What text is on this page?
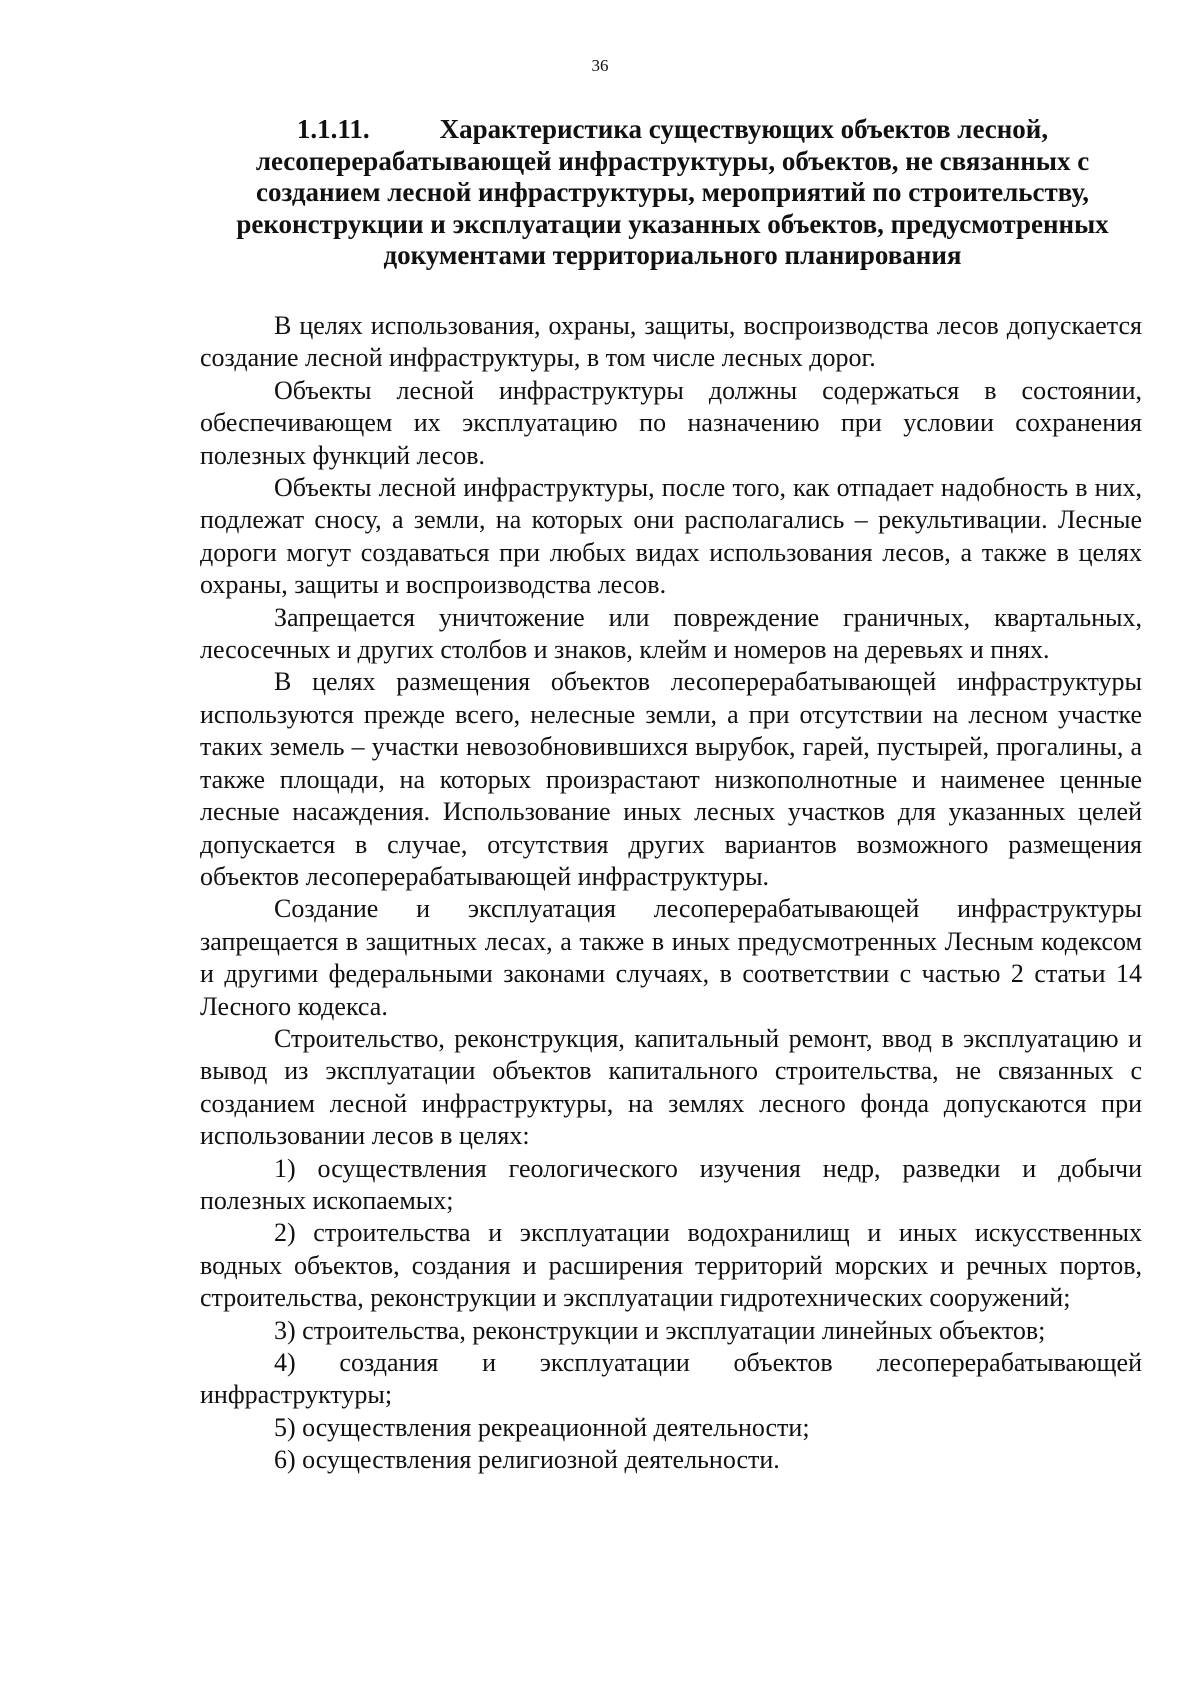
36
1.1.11.	Характеристика существующих объектов лесной, лесоперерабатывающей инфраструктуры, объектов, не связанных с созданием лесной инфраструктуры, мероприятий по строительству, реконструкции и эксплуатации указанных объектов, предусмотренных документами территориального планирования

В целях использования, охраны, защиты, воспроизводства лесов допускается создание лесной инфраструктуры, в том числе лесных дорог.

Объекты лесной инфраструктуры должны содержаться в состоянии, обеспечивающем их эксплуатацию по назначению при условии сохранения полезных функций лесов.

Объекты лесной инфраструктуры, после того, как отпадает надобность в них, подлежат сносу, а земли, на которых они располагались – рекультивации. Лесные дороги могут создаваться при любых видах использования лесов, а также в целях охраны, защиты и воспроизводства лесов.

Запрещается уничтожение или повреждение граничных, квартальных, лесосечных и других столбов и знаков, клейм и номеров на деревьях и пнях.

В целях размещения объектов лесоперерабатывающей инфраструктуры используются прежде всего, нелесные земли, а при отсутствии на лесном участке таких земель – участки невозобновившихся вырубок, гарей, пустырей, прогалины, а также площади, на которых произрастают низкополнотные и наименее ценные лесные насаждения. Использование иных лесных участков для указанных целей допускается в случае, отсутствия других вариантов возможного размещения объектов лесоперерабатывающей инфраструктуры.

Создание и эксплуатация лесоперерабатывающей инфраструктуры запрещается в защитных лесах, а также в иных предусмотренных Лесным кодексом и другими федеральными законами случаях, в соответствии с частью 2 статьи 14 Лесного кодекса.

Строительство, реконструкция, капитальный ремонт, ввод в эксплуатацию и вывод из эксплуатации объектов капитального строительства, не связанных с созданием лесной инфраструктуры, на землях лесного фонда допускаются при использовании лесов в целях:

1) осуществления геологического изучения недр, разведки и добычи полезных ископаемых;

2) строительства и эксплуатации водохранилищ и иных искусственных водных объектов, создания и расширения территорий морских и речных портов, строительства, реконструкции и эксплуатации гидротехнических сооружений;

3) строительства, реконструкции и эксплуатации линейных объектов;

4) создания и эксплуатации объектов лесоперерабатывающей инфраструктуры;

5) осуществления рекреационной деятельности;

6) осуществления религиозной деятельности.
